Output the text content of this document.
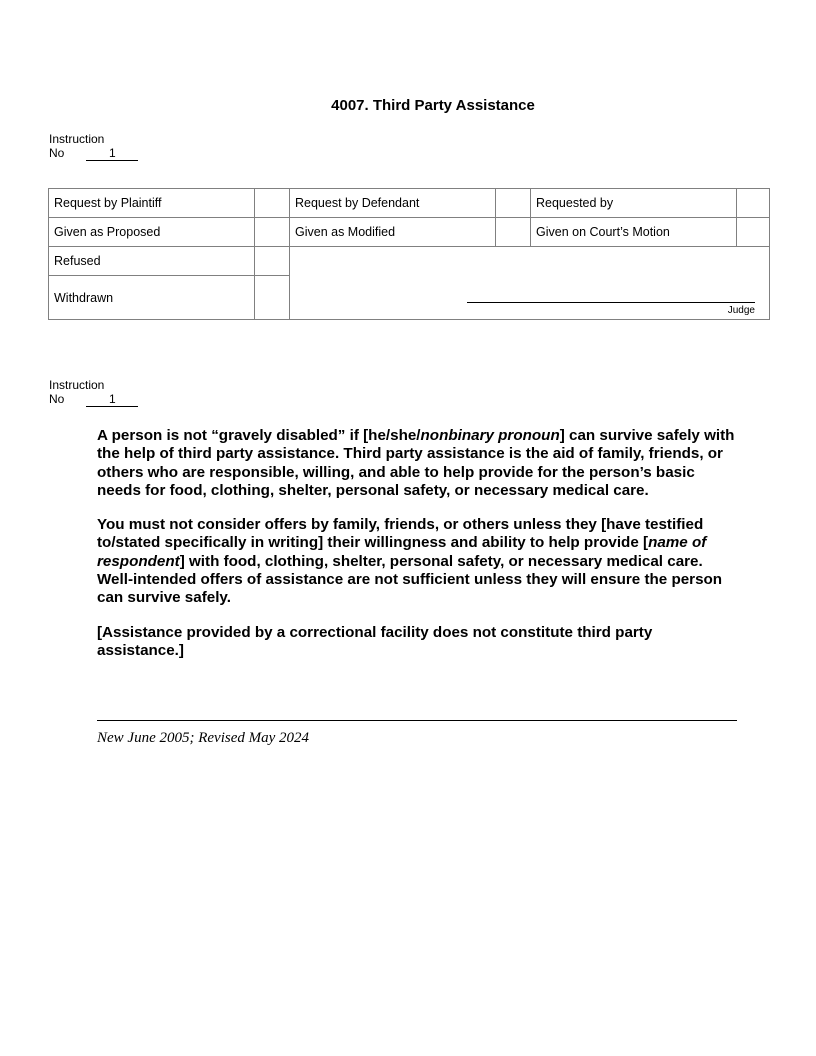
4007. Third Party Assistance
Instruction
No	1
Request by Plaintiff		Request by Defendant		Requested by	
Given as Proposed		Given as Modified		Given on Court’s Motion	
Refused		Judge			

Withdrawn					
Instruction
No	1

A person is not “gravely disabled” if [he/she/nonbinary pronoun] can survive safely with the help of third party assistance. Third party assistance is the aid of family, friends, or others who are responsible, willing, and able to help provide for the person’s basic needs for food, clothing, shelter, personal safety, or necessary medical care.

You must not consider offers by family, friends, or others unless they [have testified to/stated specifically in writing] their willingness and ability to help provide [name of respondent] with food, clothing, shelter, personal safety, or necessary medical care. Well-intended offers of assistance are not sufficient unless they will ensure the person can survive safely.

[Assistance provided by a correctional facility does not constitute third party assistance.]

New June 2005; Revised May 2024
